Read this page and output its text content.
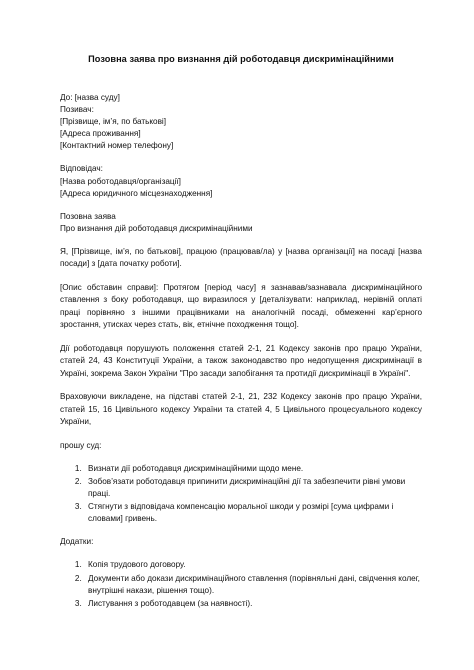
Позовна заява про визнання дій роботодавця дискримінаційними
До: [назва суду]
Позивач:
[Прізвище, ім’я, по батькові]
[Адреса проживання]
[Контактний номер телефону]
Відповідач:
[Назва роботодавця/організації]
[Адреса юридичного місцезнаходження]
Позовна заява
Про визнання дій роботодавця дискримінаційними

Я, [Прізвище, ім’я, по батькові], працюю (працював/ла) у [назва організації] на посаді [назва посади] з [дата початку роботи].

[Опис обставин справи]: Протягом [період часу] я зазнавав/зазнавала дискримінаційного ставлення з боку роботодавця, що виразилося у [деталізувати: наприклад, нерівній оплаті праці порівняно з іншими працівниками на аналогічній посаді, обмеженні кар’єрного зростання, утисках через стать, вік, етнічне походження тощо].

Дії роботодавця порушують положення статей 2-1, 21 Кодексу законів про працю України, статей 24, 43 Конституції України, а також законодавство про недопущення дискримінації в Україні, зокрема Закон України "Про засади запобігання та протидії дискримінації в Україні".

Враховуючи викладене, на підставі статей 2-1, 21, 232 Кодексу законів про працю України, статей 15, 16 Цивільного кодексу України та статей 4, 5 Цивільного процесуального кодексу України,

прошу суд:
1. Визнати дії роботодавця дискримінаційними щодо мене.
2. Зобов’язати роботодавця припинити дискримінаційні дії та забезпечити рівні умови праці.
3. Стягнути з відповідача компенсацію моральної шкоди у розмірі [сума цифрами і словами] гривень.
Додатки:
1. Копія трудового договору.
2. Документи або докази дискримінаційного ставлення (порівняльні дані, свідчення колег, внутрішні накази, рішення тощо).
3. Листування з роботодавцем (за наявності).
